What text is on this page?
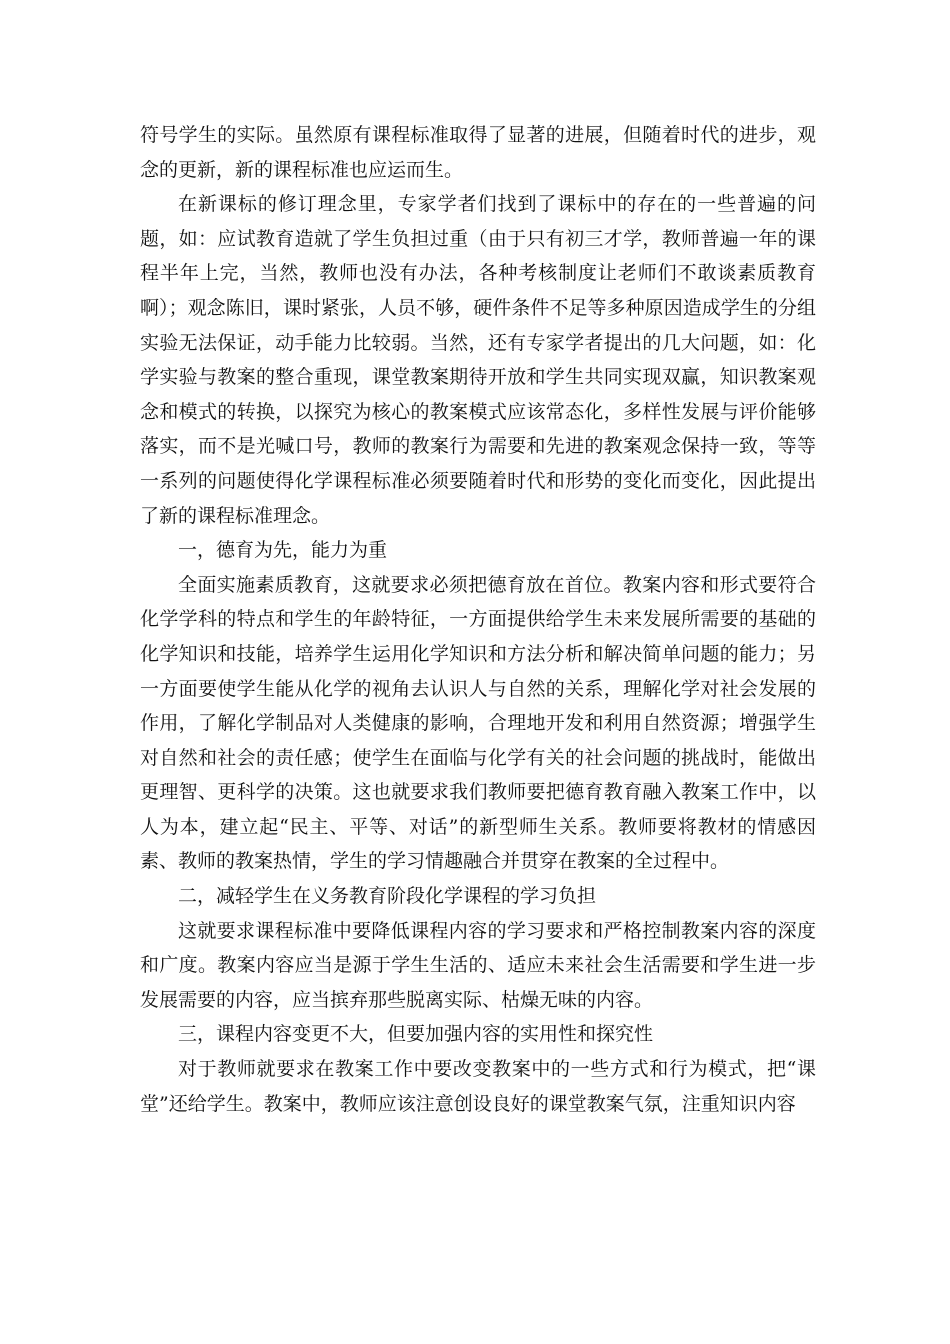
符号学生的实际。虽然原有课程标准取得了显著的进展，但随着时代的进步，观念的更新，新的课程标准也应运而生。

在新课标的修订理念里，专家学者们找到了课标中的存在的一些普遍的问题，如：应试教育造就了学生负担过重（由于只有初三才学，教师普遍一年的课程半年上完，当然，教师也没有办法，各种考核制度让老师们不敢谈素质教育啊）；观念陈旧，课时紧张，人员不够，硬件条件不足等多种原因造成学生的分组实验无法保证，动手能力比较弱。当然，还有专家学者提出的几大问题，如：化学实验与教案的整合重现，课堂教案期待开放和学生共同实现双赢，知识教案观念和模式的转换，以探究为核心的教案模式应该常态化，多样性发展与评价能够落实，而不是光喊口号，教师的教案行为需要和先进的教案观念保持一致，等等一系列的问题使得化学课程标准必须要随着时代和形势的变化而变化，因此提出了新的课程标准理念。

一，德育为先，能力为重

全面实施素质教育，这就要求必须把德育放在首位。教案内容和形式要符合化学学科的特点和学生的年龄特征，一方面提供给学生未来发展所需要的基础的化学知识和技能，培养学生运用化学知识和方法分析和解决简单问题的能力；另一方面要使学生能从化学的视角去认识人与自然的关系，理解化学对社会发展的作用，了解化学制品对人类健康的影响，合理地开发和利用自然资源；增强学生对自然和社会的责任感；使学生在面临与化学有关的社会问题的挑战时，能做出更理智、更科学的决策。这也就要求我们教师要把德育教育融入教案工作中，以人为本，建立起“民主、平等、对话”的新型师生关系。教师要将教材的情感因素、教师的教案热情，学生的学习情趣融合并贯穿在教案的全过程中。

二，减轻学生在义务教育阶段化学课程的学习负担

这就要求课程标准中要降低课程内容的学习要求和严格控制教案内容的深度和广度。教案内容应当是源于学生生活的、适应未来社会生活需要和学生进一步发展需要的内容，应当摈弃那些脱离实际、枯燥无味的内容。

三，课程内容变更不大，但要加强内容的实用性和探究性

对于教师就要求在教案工作中要改变教案中的一些方式和行为模式，把“课堂”还给学生。教案中，教师应该注意创设良好的课堂教案气氛，注重知识内容
